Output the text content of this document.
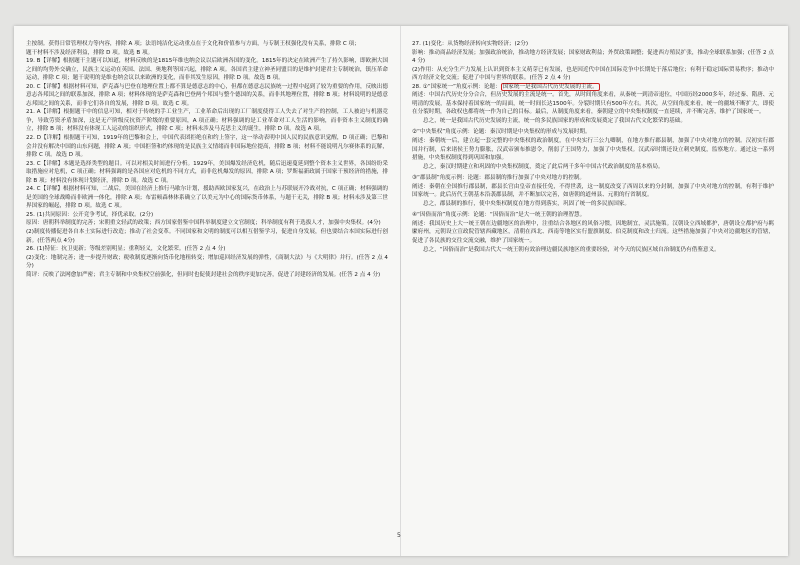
主按制。获得日常管理权力等内容，排除 A 项；法语纯洁化运动重点在于文化和价值参与方面，与专制王权强化没有关系，排除 C 项；

题干材料不涉及经济利益，排除 D 项。故选 B 项。

19. B【详解】根据题干主题可以知道，材料反映的是1815年维也纳会议以后欧洲各国的变化。1815年的决定在欧洲产生了持久影响，即欧洲大国之间的均势外交确立，民族主义运动在英国、法国、奥地利等国兴起，排除 A 项。各国君主建立神圣同盟目的是维护封建君主专制统治，镇压革命运动，排除 C 项；题干说明的是维也纳会议以来欧洲的变化，而非其发生原因，排除 D 项。故选 B 项。

20. C【详解】根据材料可知，萨克森与巴登在地理位置上都不算是德意志的中心，但都在德意志民族统一过程中起到了较为重要的作用，反映出德意志各邦国之间的联系加深，排除 A 项；材料体现的是萨克森和巴登两个邦国与整个德国的关系，而非其地理位置，排除 B 项；材料说明的是德意志邦国之间的关系，而非它们各自的发展，排除 D 项。故选 C 项。

21. A【详解】根据题干中的信息可知，相对于传统的手工业生产，工业革命后出现的工厂制度使得工人失去了对生产的控制，工人被迫与机器竞争，导致劳资矛盾加深，这是无产阶级反抗资产阶级的重要原因，A 项正确；材料强调的是工业革命对工人生活的影响，而非资本主义制度的确立，排除 B 项；材料没有体现工人运动的组织形式，排除 C 项；材料未涉及马克思主义的诞生，排除 D 项。故选 A 项。

22. D【详解】根据题干可知，1919年的巴黎和会上，中国代表团拒绝在和约上签字，这一举动表明中国人民的民族意识觉醒，D 项正确；巴黎和会并没有解决中国的山东问题，排除 A 项；中国拒签和约体现的是民族主义情绪而非国际地位提高，排除 B 项；材料不能说明凡尔赛体系的瓦解，排除 C 项。故选 D 项。

23. C【详解】本题是选择类型的题目。可以对相关时间进行分析。1929年，美国爆发经济危机，随后迅速蔓延到整个资本主义世界，各国纷纷采取措施应对危机，C 项正确；材料强调的是各国应对危机的不同方式，而非危机爆发的原因，排除 A 项；罗斯福新政属于国家干预经济的措施，排除 B 项；材料没有体现计划经济，排除 D 项。故选 C 项。

24. C【详解】根据材料可知，二战后，美国在经济上推行马歇尔计划，援助西欧国家复兴，在政治上与苏联展开冷战对抗，C 项正确；材料强调的是美国的全球战略而非欧洲一体化，排除 A 项；布雷顿森林体系确立了以美元为中心的国际货币体系，与题干无关，排除 B 项；材料未涉及第三世界国家的崛起，排除 D 项。故选 C 项。

25. (1)共同原因：公开竞争考试，择优录取。(2分)

原因：唐朝科举制度的完善；宋朝重文轻武的政策；西方国家借鉴中国科举制度建立文官制度；科举制度有利于选拔人才，加强中央集权。(4分)

(2)制度传播促进各自本土实际进行改造；推动了社会变革。不同国家和文明的制度可以相互借鉴学习，促进自身发展，但也要结合本国实际进行创新。(任答两点 4分)

26. (1)特征：抗卫更新；等级差别明显；重利轻义，文化繁荣。(任答 2 点 4 分)

(2)变化：地制完善；进一步提升财政；税收制度逐渐向货币化地租转变；增加巡回经济发展的弹性，《商制大法》与《大明律》并行。(任答 2 点 4 分)

简评：反映了法网愈加严密；君主专制和中央集权空前强化，但同时也促使封建社会的秩序更加完善，促进了封建经济的发展。(任答 2 点 4 分)

27. (1)变化：从货物经济转向实物经济；(2分)

影响：推动商品经济发展；加强政治统治，推动地方经济发展；国家财政利益；外贸政策调整；促进西方殖民扩张，推动全球联系加强；(任答 2 点 4 分)

(2)作用：从充分生产力发展上认识到资本主义萌芽已有发展，也是因近代中国在国际竞争中长期处于落后地位；有利于稳定国际贸易秩序；推动中西方经济文化交流；促进了中国与世界的联系。(任答 2 点 4 分)

28. ①“国家统一”角度示例：论题： 国家统一是我国古代历史发展的主流。

阐述：中国古代历史分分合合，但历史发展的主流是统一。首先，从时间角度来看，从秦统一到清帝退位，中国历经2000多年，经过秦、隋唐、元明清的发展，基本保持着国家统一的局面，统一时间长达1500年。分裂时期只有500年左右。其次，从空间角度来看，统一的疆域不断扩大，即使在分裂时期，各政权也都将统一作为自己的目标。最后，从制度角度来看，秦朝建立的中央集权制度一直延续，并不断完善，维护了国家统一。

总之，统一是我国古代历史发展的主流，统一的多民族国家的形成和发展奠定了我国古代文化繁荣的基础。

②“中央集权”角度示例：论题：秦汉时期是中央集权的形成与发展时期。

阐述：秦朝统一后，建立起一套完整的中央集权的政治制度，在中央实行三公九卿制，在地方推行郡县制，加强了中央对地方的控制。汉初实行郡国并行制，后来诸侯王势力膨胀，汉武帝颁布推恩令，削弱了王国势力，加强了中央集权。汉武帝时期还设立刺史制度，监察地方。通过这一系列措施，中央集权制度得到巩固和加强。

总之，秦汉时期建立和巩固的中央集权制度，奠定了此后两千多年中国古代政治制度的基本格局。

③“郡县制”角度示例：论题：郡县制的推行加强了中央对地方的控制。

阐述：秦朝在全国推行郡县制，郡县长官由皇帝直接任免，不得世袭，这一制度改变了西周以来的分封制，加强了中央对地方的控制，有利于维护国家统一。此后历代王朝基本沿袭郡县制，并不断加以完善，如唐朝的道州县、元朝的行省制度。

总之，郡县制的推行，使中央集权制度在地方得到落实，巩固了统一的多民族国家。

④“因俗而治”角度示例：论题：“因俗而治”是大一统王朝的治理智慧。

阐述：我国历史上大一统王朝在边疆地区的治理中，注重结合各地区的风俗习惯，因地制宜，灵活施策。汉朝设立西域都护，唐朝设立都护府与羁縻府州，元朝设立宣政院管辖西藏地区，清朝在西北、西南等地区实行盟旗制度、伯克制度和改土归流。这些措施加强了中央对边疆地区的管辖，促进了各民族的交往交流交融，维护了国家统一。

总之，“因俗而治”是我国古代大一统王朝有效治理边疆民族地区的重要经验，对今天的民族区域自治制度仍有借鉴意义。

5
